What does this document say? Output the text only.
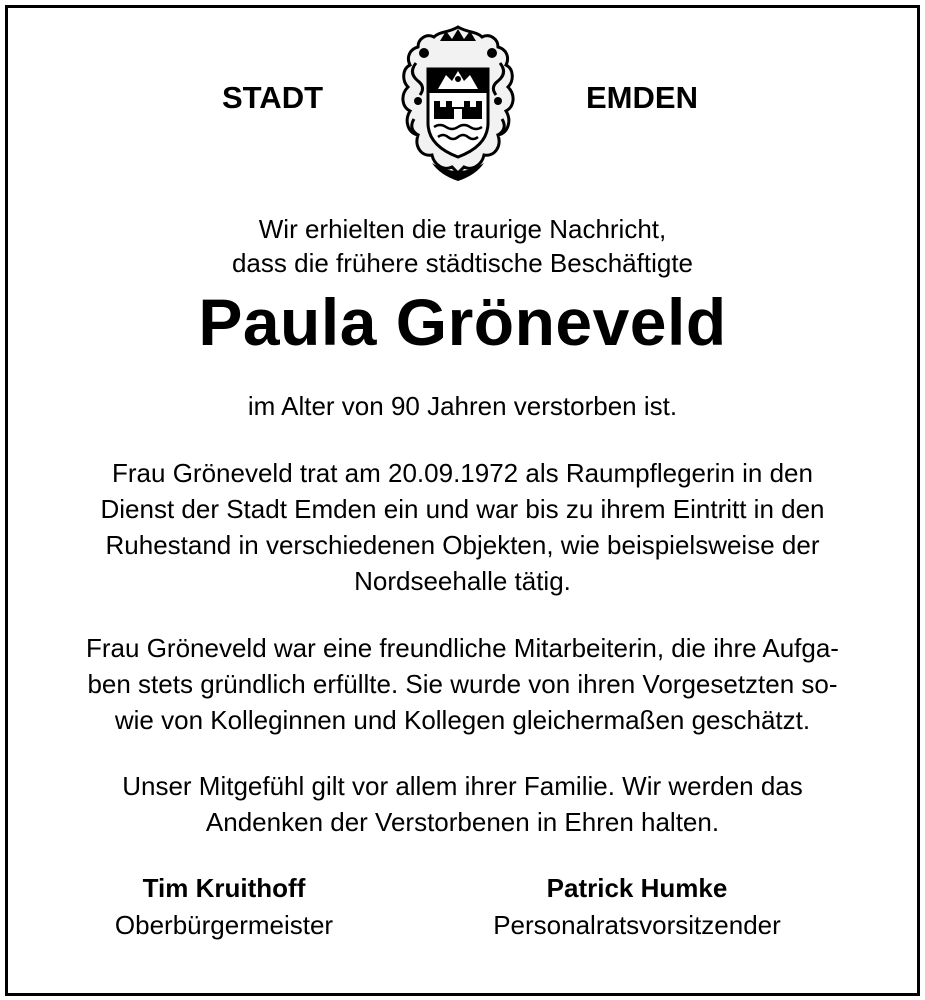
STADT	EMDEN
Wir erhielten die traurige Nachricht,
dass die frühere städtische Beschäftigte
Paula Gröneveld
im Alter von 90 Jahren verstorben ist.
Frau Gröneveld trat am 20.09.1972 als Raumpflegerin in den
Dienst der Stadt Emden ein und war bis zu ihrem Eintritt in den
Ruhestand in verschiedenen Objekten, wie beispielsweise der
Nordseehalle tätig.
Frau Gröneveld war eine freundliche Mitarbeiterin, die ihre Aufga-
ben stets gründlich erfüllte. Sie wurde von ihren Vorgesetzten so-
wie von Kolleginnen und Kollegen gleichermaßen geschätzt.
Unser Mitgefühl gilt vor allem ihrer Familie. Wir werden das
Andenken der Verstorbenen in Ehren halten.
Tim Kruithoff
Oberbürgermeister
Patrick Humke
Personalratsvorsitzender
